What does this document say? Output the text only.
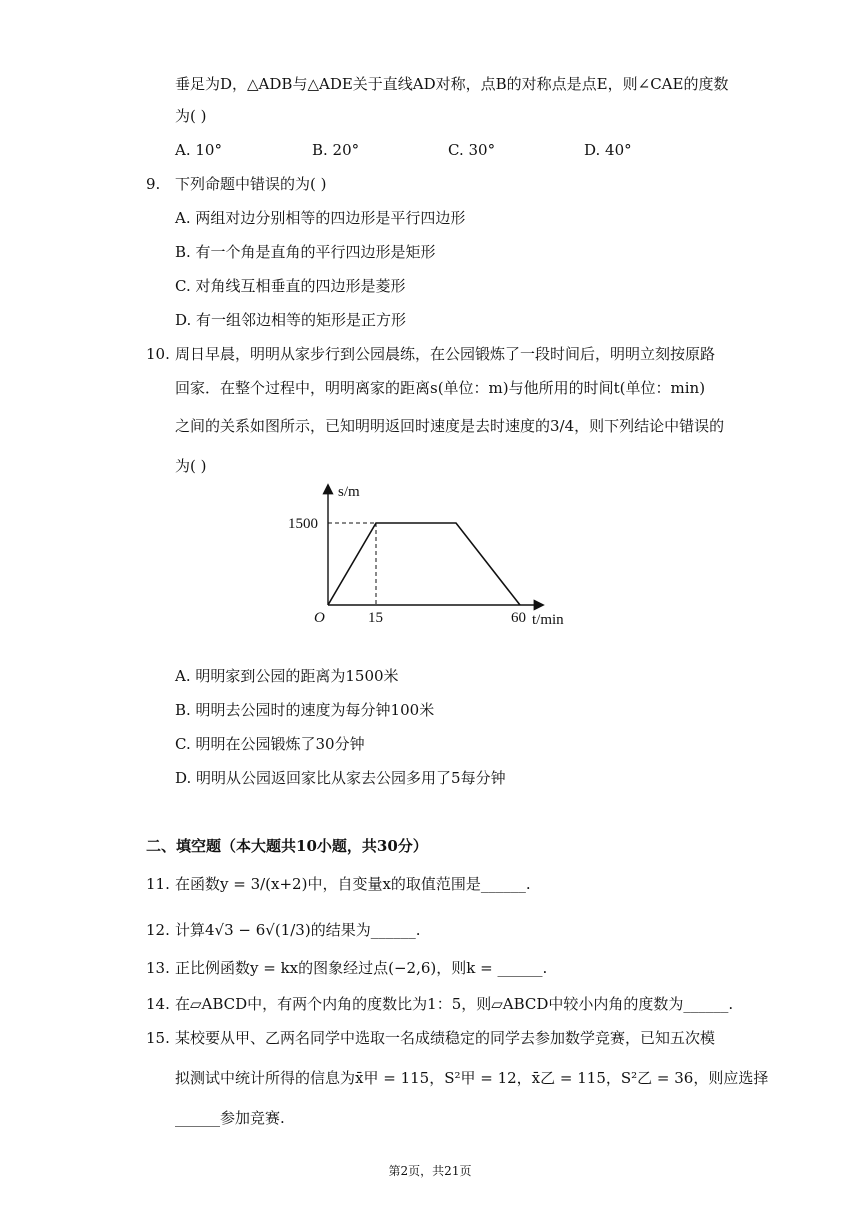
垂足为D，△ADB与△ADE关于直线AD对称，点B的对称点是点E，则∠CAE的度数
为( )
A. 10°	B. 20°	C. 30°	D. 40°
9. 下列命题中错误的为( )
A. 两组对边分别相等的四边形是平行四边形
B. 有一个角是直角的平行四边形是矩形
C. 对角线互相垂直的四边形是菱形
D. 有一组邻边相等的矩形是正方形
10. 周日早晨，明明从家步行到公园晨练，在公园锻炼了一段时间后，明明立刻按原路
回家．在整个过程中，明明离家的距离s(单位：m)与他所用的时间t(单位：min)
之间的关系如图所示，已知明明返回时速度是去时速度的3/4，则下列结论中错误的
为( )
s/m
t/min
O	15	60
1500
A. 明明家到公园的距离为1500米
B. 明明去公园时的速度为每分钟100米
C. 明明在公园锻炼了30分钟
D. 明明从公园返回家比从家去公园多用了5每分钟
二、填空题（本大题共10小题，共30分）
11. 在函数y = 3/(x+2)中，自变量x的取值范围是______.
12. 计算4√3 − 6√(1/3)的结果为______.
13. 正比例函数y = kx的图象经过点(−2,6)，则k = ______.
14. 在▱ABCD中，有两个内角的度数比为1：5，则▱ABCD中较小内角的度数为______.
15. 某校要从甲、乙两名同学中选取一名成绩稳定的同学去参加数学竞赛，已知五次模
拟测试中统计所得的信息为x̄甲 = 115，S²甲 = 12，x̄乙 = 115，S²乙 = 36，则应选择
______参加竞赛.
第2页，共21页
